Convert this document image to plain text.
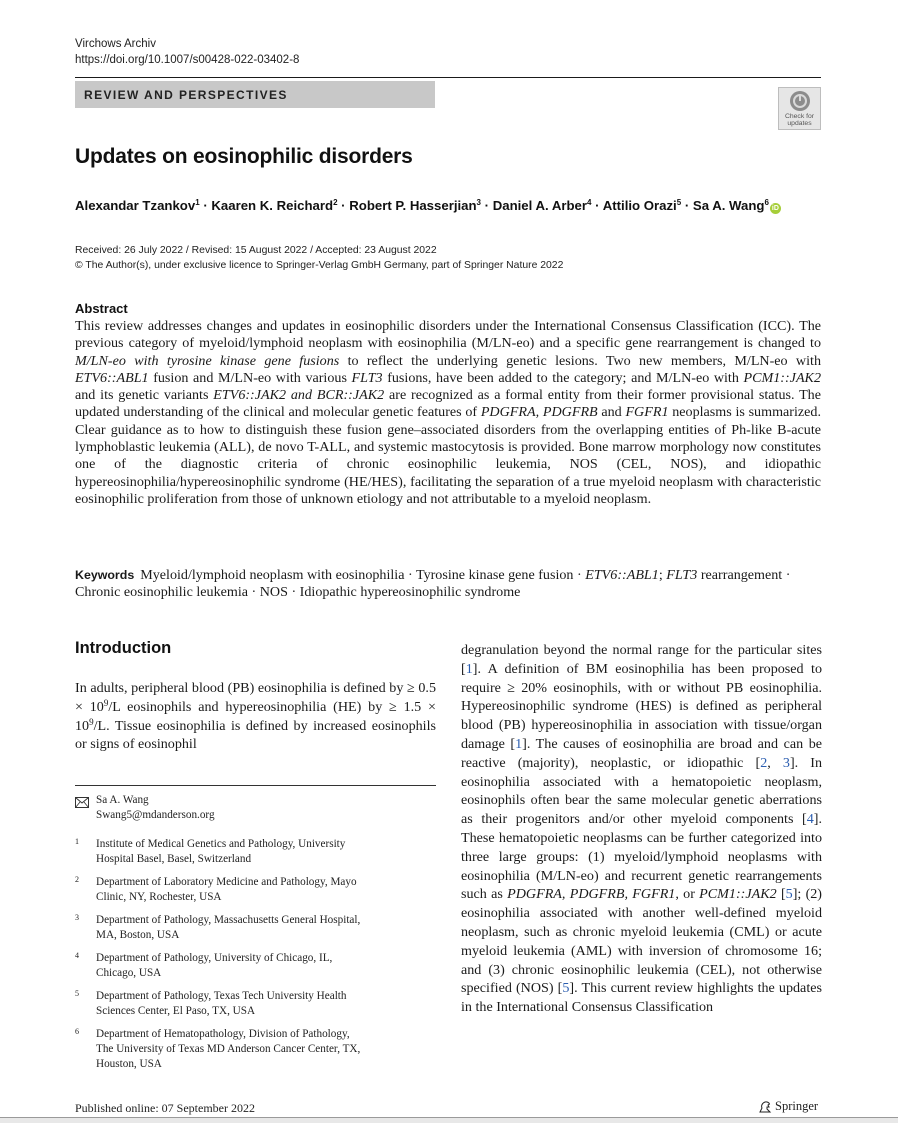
Virchows Archiv
https://doi.org/10.1007/s00428-022-03402-8
REVIEW AND PERSPECTIVES
Check for
updates
Updates on eosinophilic disorders
Alexandar Tzankov$^1$ · Kaaren K. Reichard$^2$ · Robert P. Hasserjian$^3$ · Daniel A. Arber$^4$ · Attilio Orazi$^5$ · Sa A. Wang$^6$iD
Received: 26 July 2022 / Revised: 15 August 2022 / Accepted: 23 August 2022
© The Author(s), under exclusive licence to Springer-Verlag GmbH Germany, part of Springer Nature 2022
Abstract
This review addresses changes and updates in eosinophilic disorders under the International Consensus Classification (ICC). The previous category of myeloid/lymphoid neoplasm with eosinophilia (M/LN-eo) and a specific gene rearrangement is changed to M/LN-eo with tyrosine kinase gene fusions to reflect the underlying genetic lesions. Two new members, M/LN-eo with ETV6::ABL1 fusion and M/LN-eo with various FLT3 fusions, have been added to the category; and M/LN-eo with PCM1::JAK2 and its genetic variants ETV6::JAK2 and BCR::JAK2 are recognized as a formal entity from their former provisional status. The updated understanding of the clinical and molecular genetic features of PDGFRA, PDGFRB and FGFR1 neoplasms is summarized. Clear guidance as to how to distinguish these fusion gene–associated disorders from the overlapping entities of Ph-like B-acute lymphoblastic leukemia (ALL), de novo T-ALL, and systemic mastocytosis is provided. Bone marrow morphology now constitutes one of the diagnostic criteria of chronic eosinophilic leukemia, NOS (CEL, NOS), and idiopathic hypereosinophilia/hypereosinophilic syndrome (HE/HES), facilitating the separation of a true myeloid neoplasm with characteristic eosinophilic proliferation from those of unknown etiology and not attributable to a myeloid neoplasm.
Keywords Myeloid/lymphoid neoplasm with eosinophilia · Tyrosine kinase gene fusion · ETV6::ABL1; FLT3 rearrangement · Chronic eosinophilic leukemia · NOS · Idiopathic hypereosinophilic syndrome
Introduction
In adults, peripheral blood (PB) eosinophilia is defined by ≥ $0.5 \times 10^9/L$ eosinophils and hypereosinophilia (HE) by ≥ $1.5 \times 10^9/L$. Tissue eosinophilia is defined by increased eosinophils or signs of eosinophil
degranulation beyond the normal range for the particular sites [1]. A definition of BM eosinophilia has been proposed to require ≥ 20% eosinophils, with or without PB eosinophilia. Hypereosinophilic syndrome (HES) is defined as peripheral blood (PB) hypereosinophilia in association with tissue/organ damage [1]. The causes of eosinophilia are broad and can be reactive (majority), neoplastic, or idiopathic [2, 3]. In eosinophilia associated with a hematopoietic neoplasm, eosinophils often bear the same molecular genetic aberrations as their progenitors and/or other myeloid components [4]. These hematopoietic neoplasms can be further categorized into three large groups: (1) myeloid/lymphoid neoplasms with eosinophilia (M/LN-eo) and recurrent genetic rearrangements such as PDGFRA, PDGFRB, FGFR1, or PCM1::JAK2 [5]; (2) eosinophilia associated with another well-defined myeloid neoplasm, such as chronic myeloid leukemia (CML) or acute myeloid leukemia (AML) with inversion of chromosome 16; and (3) chronic eosinophilic leukemia (CEL), not otherwise specified (NOS) [5]. This current review highlights the updates in the International Consensus Classification
Sa A. Wang
Swang5@mdanderson.org
1 Institute of Medical Genetics and Pathology, University
Hospital Basel, Basel, Switzerland
2 Department of Laboratory Medicine and Pathology, Mayo
Clinic, NY, Rochester, USA
3 Department of Pathology, Massachusetts General Hospital,
MA, Boston, USA
4 Department of Pathology, University of Chicago, IL,
Chicago, USA
5 Department of Pathology, Texas Tech University Health
Sciences Center, El Paso, TX, USA
6 Department of Hematopathology, Division of Pathology,
The University of Texas MD Anderson Cancer Center, TX,
Houston, USA
Published online: 07 September 2022	Springer
